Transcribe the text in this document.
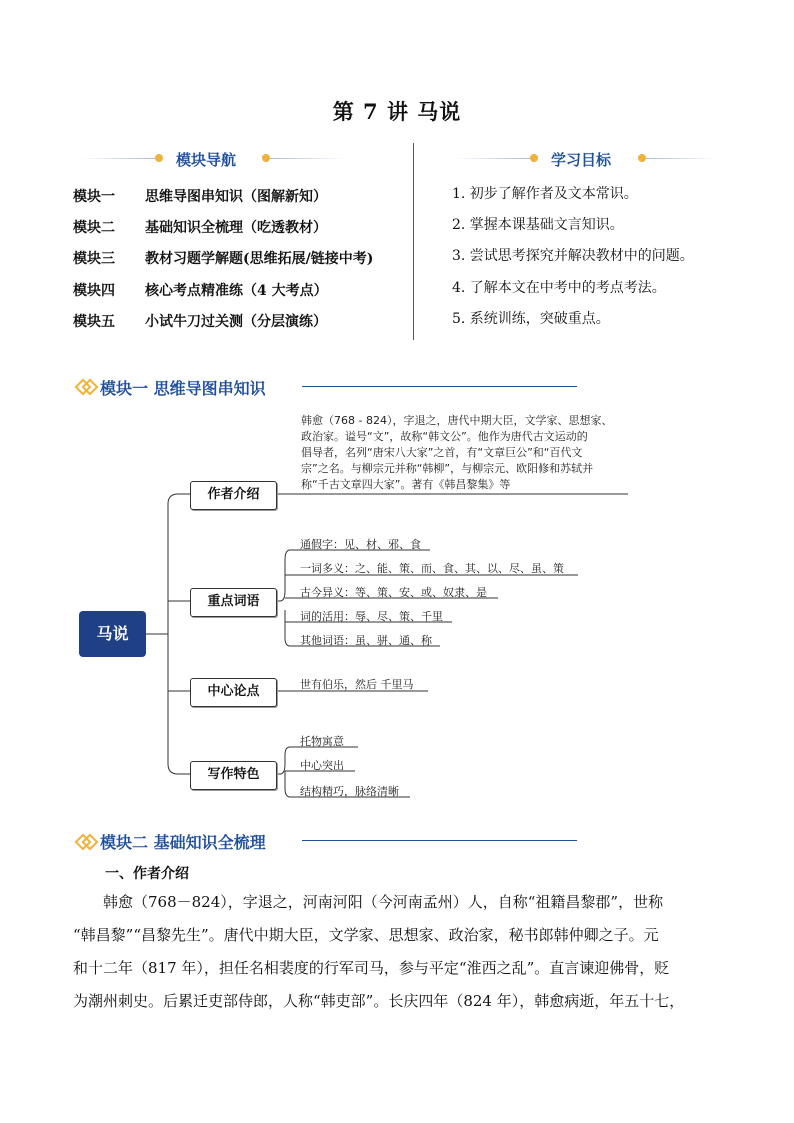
第 7 讲 马说
模块导航
模块一 思维导图串知识（图解新知）
模块二 基础知识全梳理（吃透教材）
模块三 教材习题学解题(思维拓展/链接中考)
模块四 核心考点精准练（4 大考点）
模块五 小试牛刀过关测（分层演练）
学习目标
1. 初步了解作者及文本常识。
2. 掌握本课基础文言知识。
3. 尝试思考探究并解决教材中的问题。
4. 了解本文在中考中的考点考法。
5. 系统训练，突破重点。
模块一 思维导图串知识
马说
作者介绍
重点词语
中心论点
写作特色
韩愈（768 - 824），字退之，唐代中期大臣，文学家、思想家、
政治家。谥号“文”，故称“韩文公”。他作为唐代古文运动的
倡导者，名列“唐宋八大家”之首，有“文章巨公”和“百代文
宗”之名。与柳宗元并称“韩柳”，与柳宗元、欧阳修和苏轼并
称“千古文章四大家”。著有《韩昌黎集》等
通假字：见、材、邪、食
一词多义：之、能、策、而、食、其、以、尽、虽、策
古今异义：等、策、安、或、奴隶、是
词的活用：辱、尽、策、千里
其他词语：虽、骈、通、称
世有伯乐，然后 千里马
托物寓意
中心突出
结构精巧，脉络清晰
模块二 基础知识全梳理
一、作者介绍
韩愈（768－824），字退之，河南河阳（今河南孟州）人，自称“祖籍昌黎郡”，世称
“韩昌黎”“昌黎先生”。唐代中期大臣，文学家、思想家、政治家，秘书郎韩仲卿之子。元
和十二年（817 年），担任名相裴度的行军司马，参与平定“淮西之乱”。直言谏迎佛骨，贬
为潮州刺史。后累迁吏部侍郎，人称“韩吏部”。长庆四年（824 年），韩愈病逝，年五十七，
